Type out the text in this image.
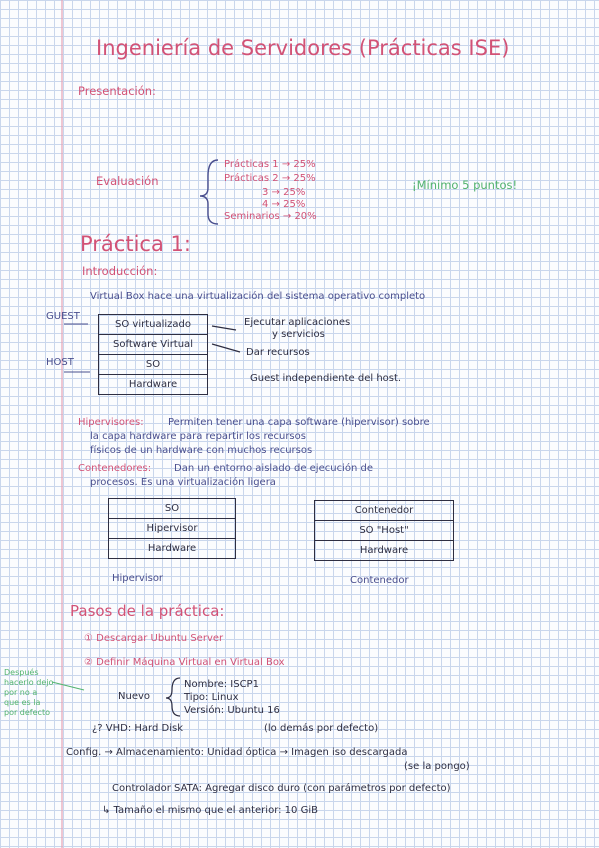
Ingeniería de Servidores (Prácticas ISE)
Presentación:
Evaluación
Prácticas 1 → 25%
Prácticas 2 → 25%
3 → 25%
4 → 25%
Seminarios → 20%
¡Mínimo 5 puntos!
Práctica 1:
Introducción:
Virtual Box hace una virtualización del sistema operativo completo
GUEST
HOST
SO virtualizado
Software Virtual
SO
Hardware
Ejecutar aplicaciones
y servicios
Dar recursos
Guest independiente del host.
Hipervisores: Permiten tener una capa software (hipervisor) sobre
la capa hardware para repartir los recursos
físicos de un hardware con muchos recursos
Contenedores: Dan un entorno aislado de ejecución de
procesos. Es una virtualización ligera
SO
Hipervisor
Hardware
Hipervisor
Contenedor
SO "Host"
Hardware
Contenedor
Pasos de la práctica:
① Descargar Ubuntu Server
② Definir Máquina Virtual en Virtual Box
Nuevo
Nombre: ISCP1
Tipo: Linux
Versión: Ubuntu 16
Después
hacerlo dejo
por no a
que es la
por defecto
¿? VHD: Hard Disk	(lo demás por defecto)
Config. → Almacenamiento: Unidad óptica → Imagen iso descargada
(se la pongo)
Controlador SATA: Agregar disco duro (con parámetros por defecto)
↳ Tamaño el mismo que el anterior: 10 GiB
